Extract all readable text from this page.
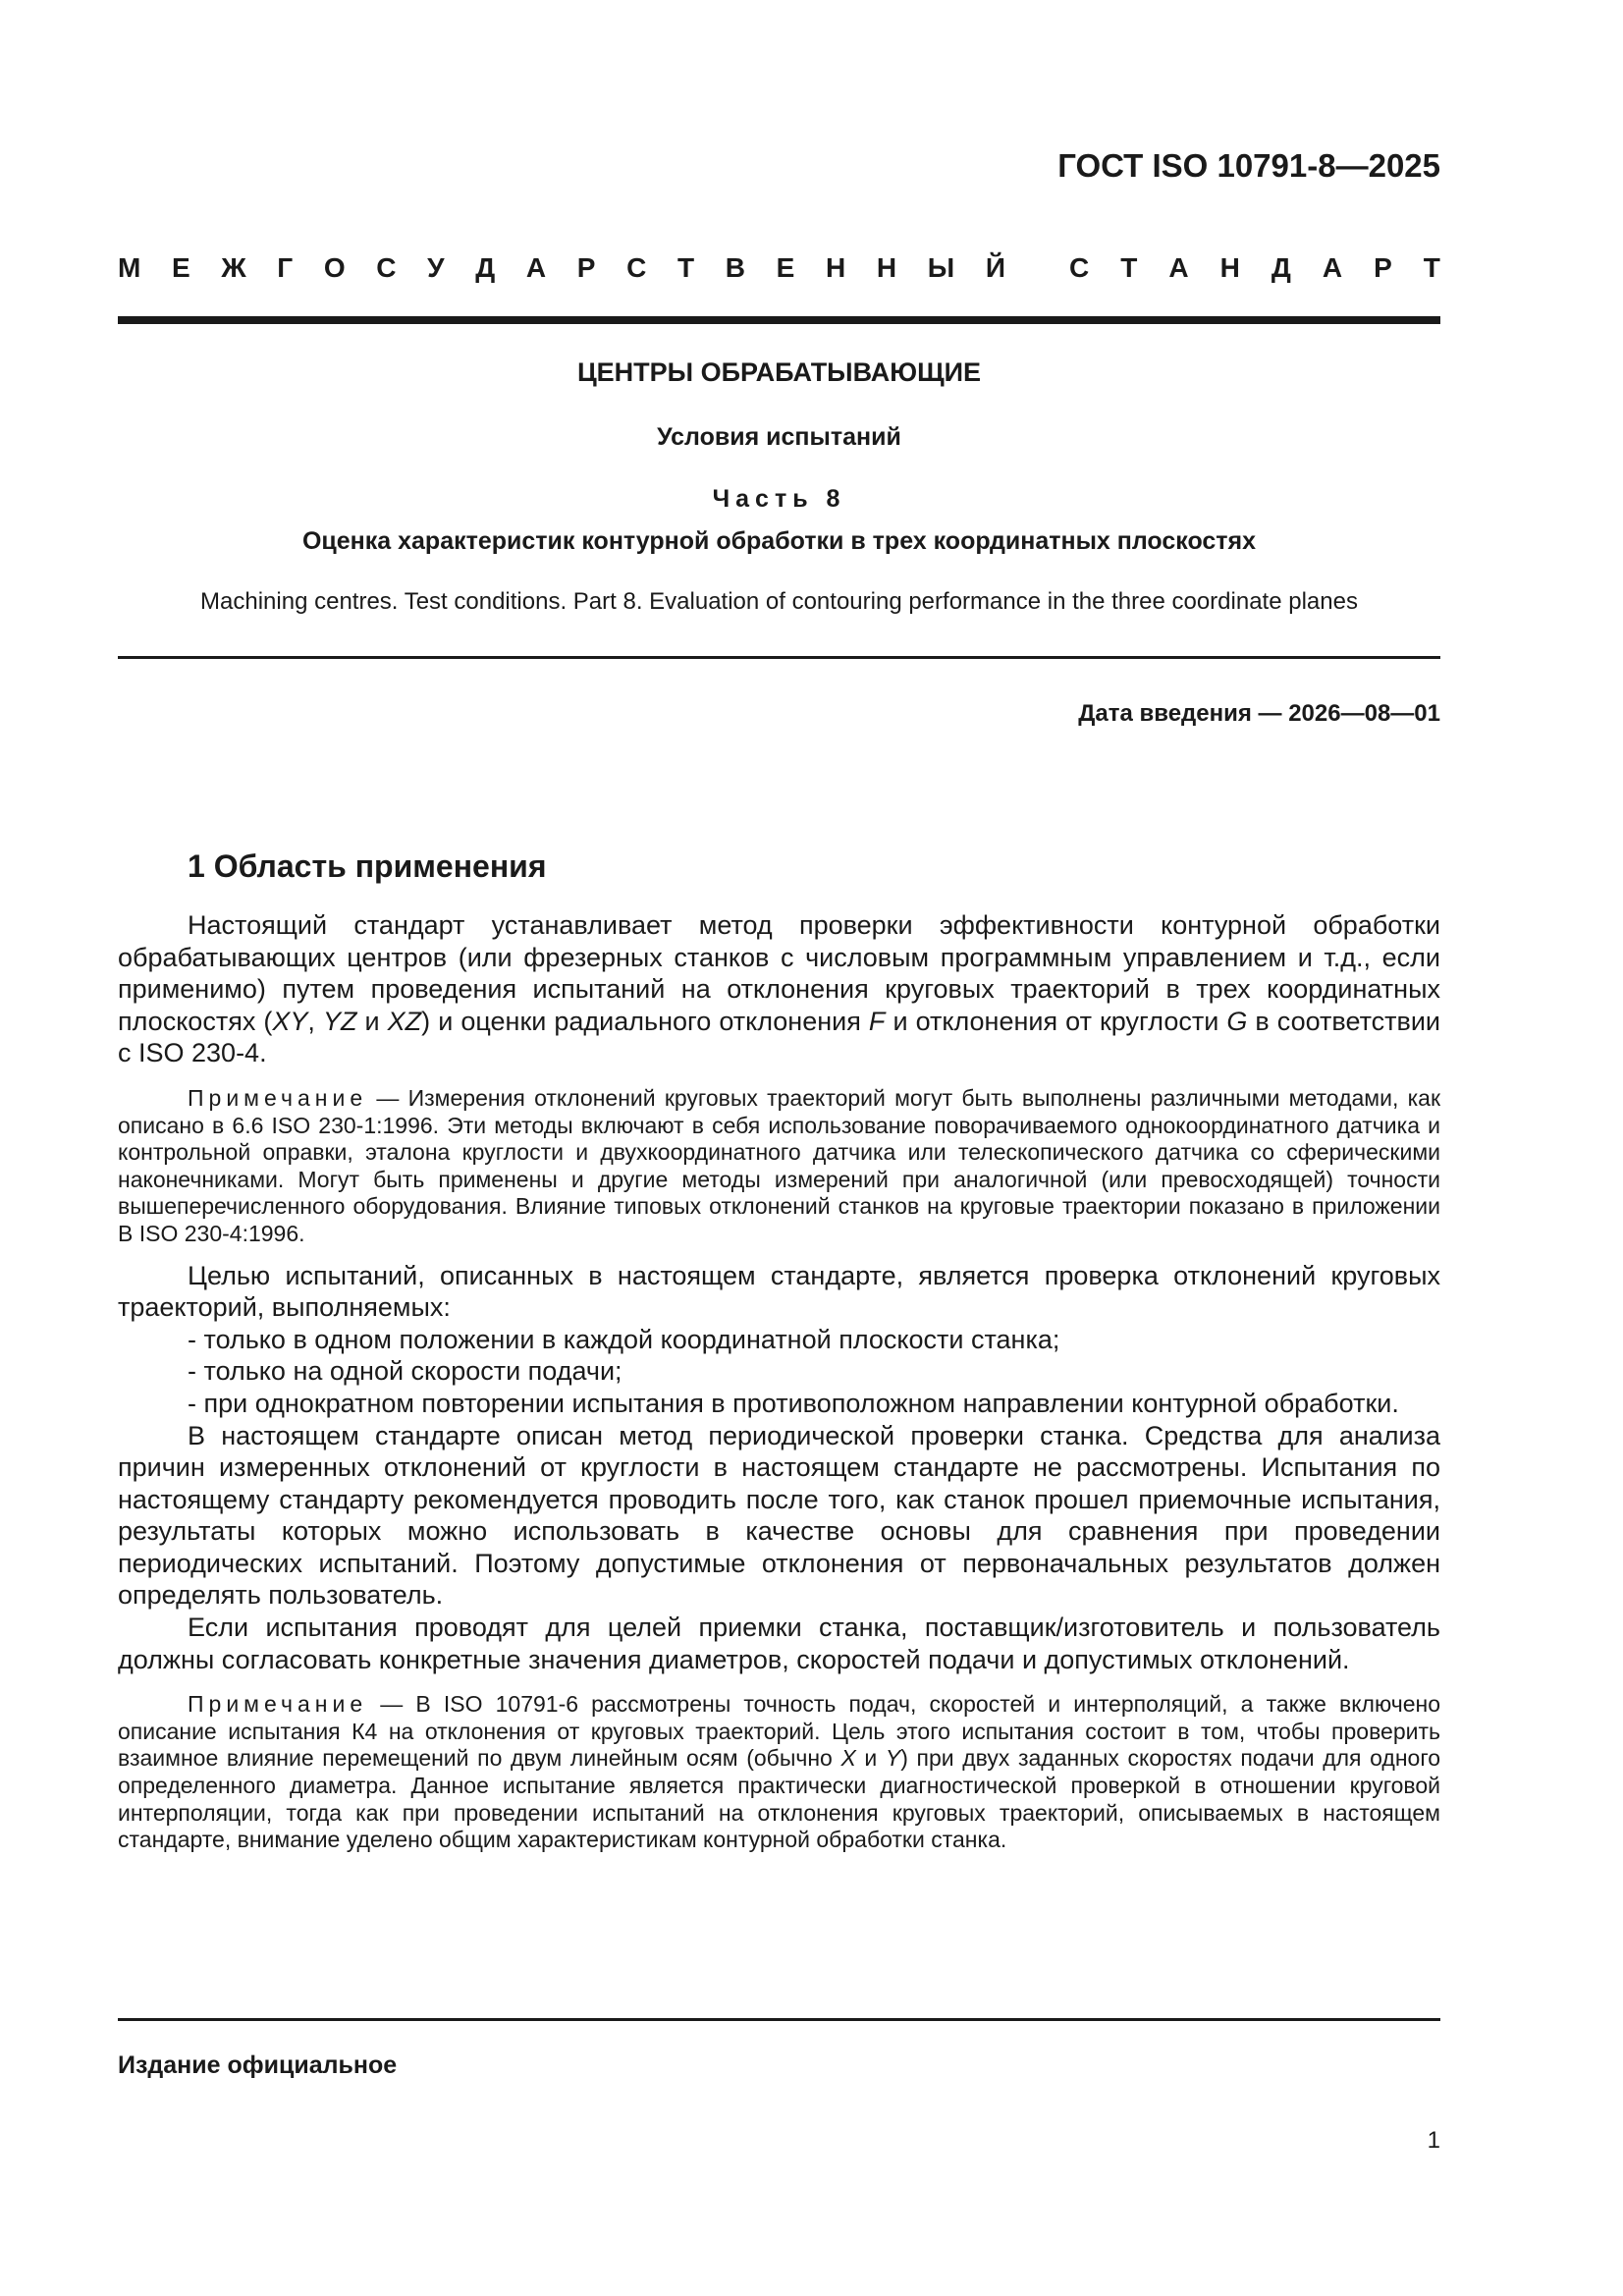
ГОСТ ISO 10791-8—2025
М Е Ж Г О С У Д А Р С Т В Е Н Н Ы Й С Т А Н Д А Р Т
ЦЕНТРЫ ОБРАБАТЫВАЮЩИЕ
Условия испытаний
Часть 8
Оценка характеристик контурной обработки в трех координатных плоскостях
Machining centres. Test conditions. Part 8. Evaluation of contouring performance in the three coordinate planes
Дата введения — 2026—08—01
1 Область применения

Настоящий стандарт устанавливает метод проверки эффективности контурной обработки обрабатывающих центров (или фрезерных станков с числовым программным управлением и т.д., если применимо) путем проведения испытаний на отклонения круговых траекторий в трех координатных плоскостях (XY, YZ и XZ) и оценки радиального отклонения F и отклонения от круглости G в соответствии с ISO 230-4.

Примечание — Измерения отклонений круговых траекторий могут быть выполнены различными методами, как описано в 6.6 ISO 230-1:1996. Эти методы включают в себя использование поворачиваемого однокоординатного датчика и контрольной оправки, эталона круглости и двухкоординатного датчика или телескопического датчика со сферическими наконечниками. Могут быть применены и другие методы измерений при аналогичной (или превосходящей) точности вышеперечисленного оборудования. Влияние типовых отклонений станков на круговые траектории показано в приложении В ISO 230-4:1996.

Целью испытаний, описанных в настоящем стандарте, является проверка отклонений круговых траекторий, выполняемых:

- только в одном положении в каждой координатной плоскости станка;
- только на одной скорости подачи;
- при однократном повторении испытания в противоположном направлении контурной обработки.

В настоящем стандарте описан метод периодической проверки станка. Средства для анализа причин измеренных отклонений от круглости в настоящем стандарте не рассмотрены. Испытания по настоящему стандарту рекомендуется проводить после того, как станок прошел приемочные испытания, результаты которых можно использовать в качестве основы для сравнения при проведении периодических испытаний. Поэтому допустимые отклонения от первоначальных результатов должен определять пользователь.

Если испытания проводят для целей приемки станка, поставщик/изготовитель и пользователь должны согласовать конкретные значения диаметров, скоростей подачи и допустимых отклонений.

Примечание — В ISO 10791-6 рассмотрены точность подач, скоростей и интерполяций, а также включено описание испытания К4 на отклонения от круговых траекторий. Цель этого испытания состоит в том, чтобы проверить взаимное влияние перемещений по двум линейным осям (обычно X и Y) при двух заданных скоростях подачи для одного определенного диаметра. Данное испытание является практически диагностической проверкой в отношении круговой интерполяции, тогда как при проведении испытаний на отклонения круговых траекторий, описываемых в настоящем стандарте, внимание уделено общим характеристикам контурной обработки станка.

Издание официальное
1
